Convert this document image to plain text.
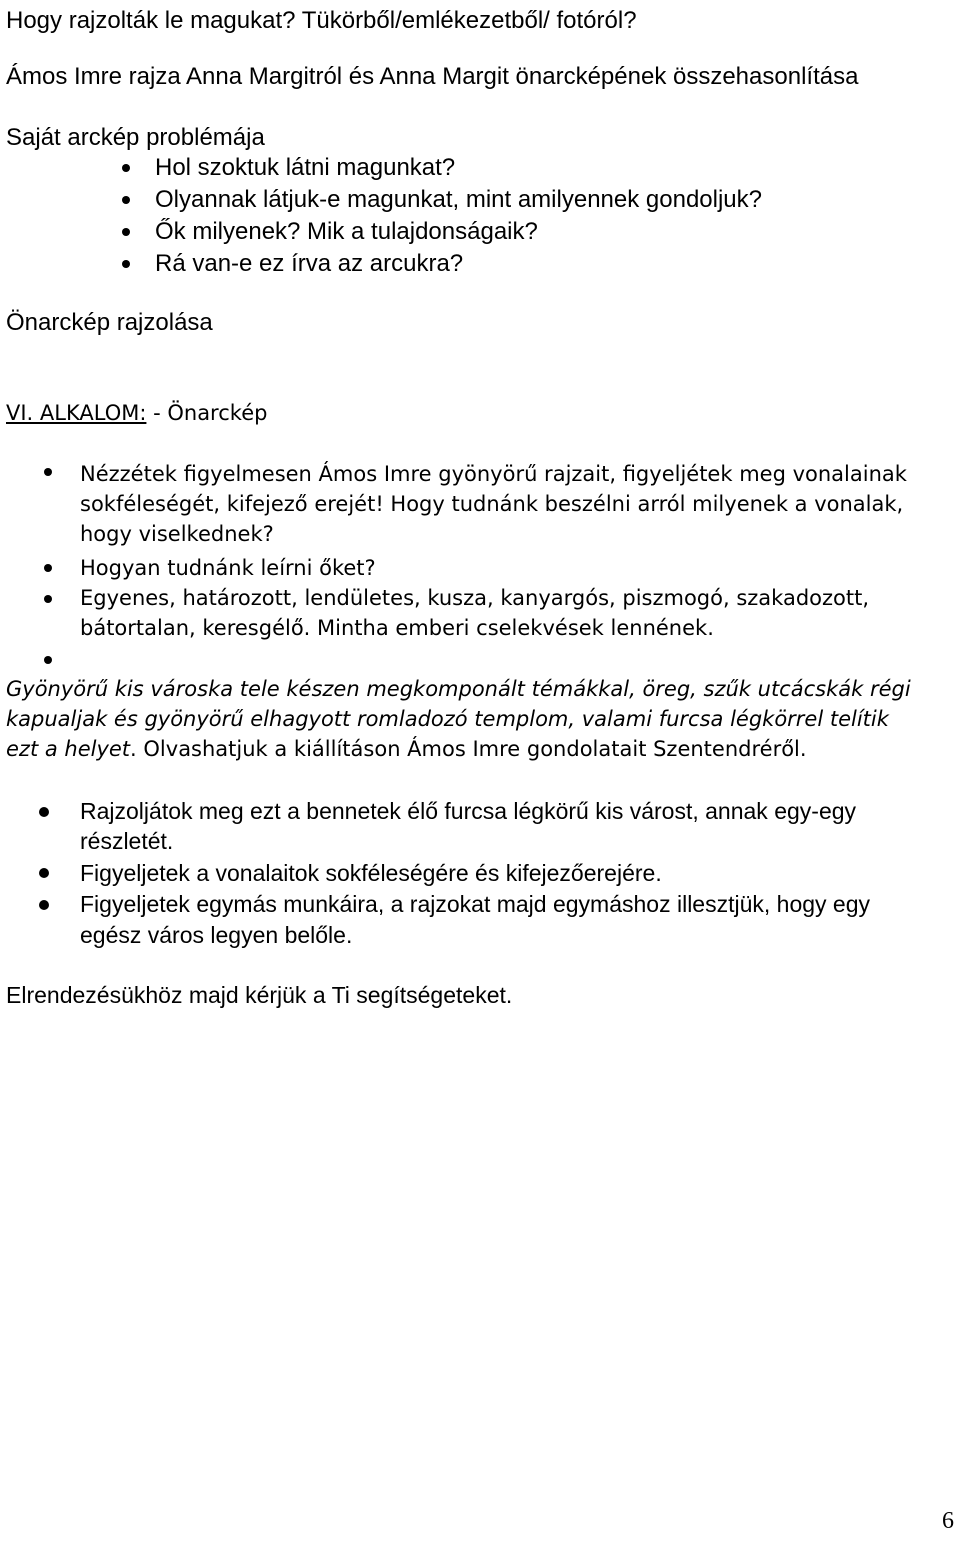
Hogy rajzolták le magukat? Tükörből/emlékezetből/ fotóról?
Ámos Imre rajza Anna Margitról és Anna Margit önarcképének összehasonlítása
Saját arckép problémája
Hol szoktuk látni magunkat?
Olyannak látjuk-e magunkat, mint amilyennek gondoljuk?
Ők milyenek? Mik a tulajdonságaik?
Rá van-e ez írva az arcukra?
Önarckép rajzolása
VI. ALKALOM: - Önarckép
Nézzétek figyelmesen Ámos Imre gyönyörű rajzait, figyeljétek meg vonalainak
sokféleségét, kifejező erejét! Hogy tudnánk beszélni arról milyenek a vonalak,
hogy viselkednek?
Hogyan tudnánk leírni őket?
Egyenes, határozott, lendületes, kusza, kanyargós, piszmogó, szakadozott,
bátortalan, keresgélő. Mintha emberi cselekvések lennének.
Gyönyörű kis városka tele készen megkomponált témákkal, öreg, szűk utcácskák régi
kapualjak és gyönyörű elhagyott romladozó templom, valami furcsa légkörrel telítik
ezt a helyet. Olvashatjuk a kiállításon Ámos Imre gondolatait Szentendréről.
Rajzoljátok meg ezt a bennetek élő furcsa légkörű kis várost, annak egy-egy
részletét.
Figyeljetek a vonalaitok sokféleségére és kifejezőerejére.
Figyeljetek egymás munkáira, a rajzokat majd egymáshoz illesztjük, hogy egy
egész város legyen belőle.
Elrendezésükhöz majd kérjük a Ti segítségeteket.
6
